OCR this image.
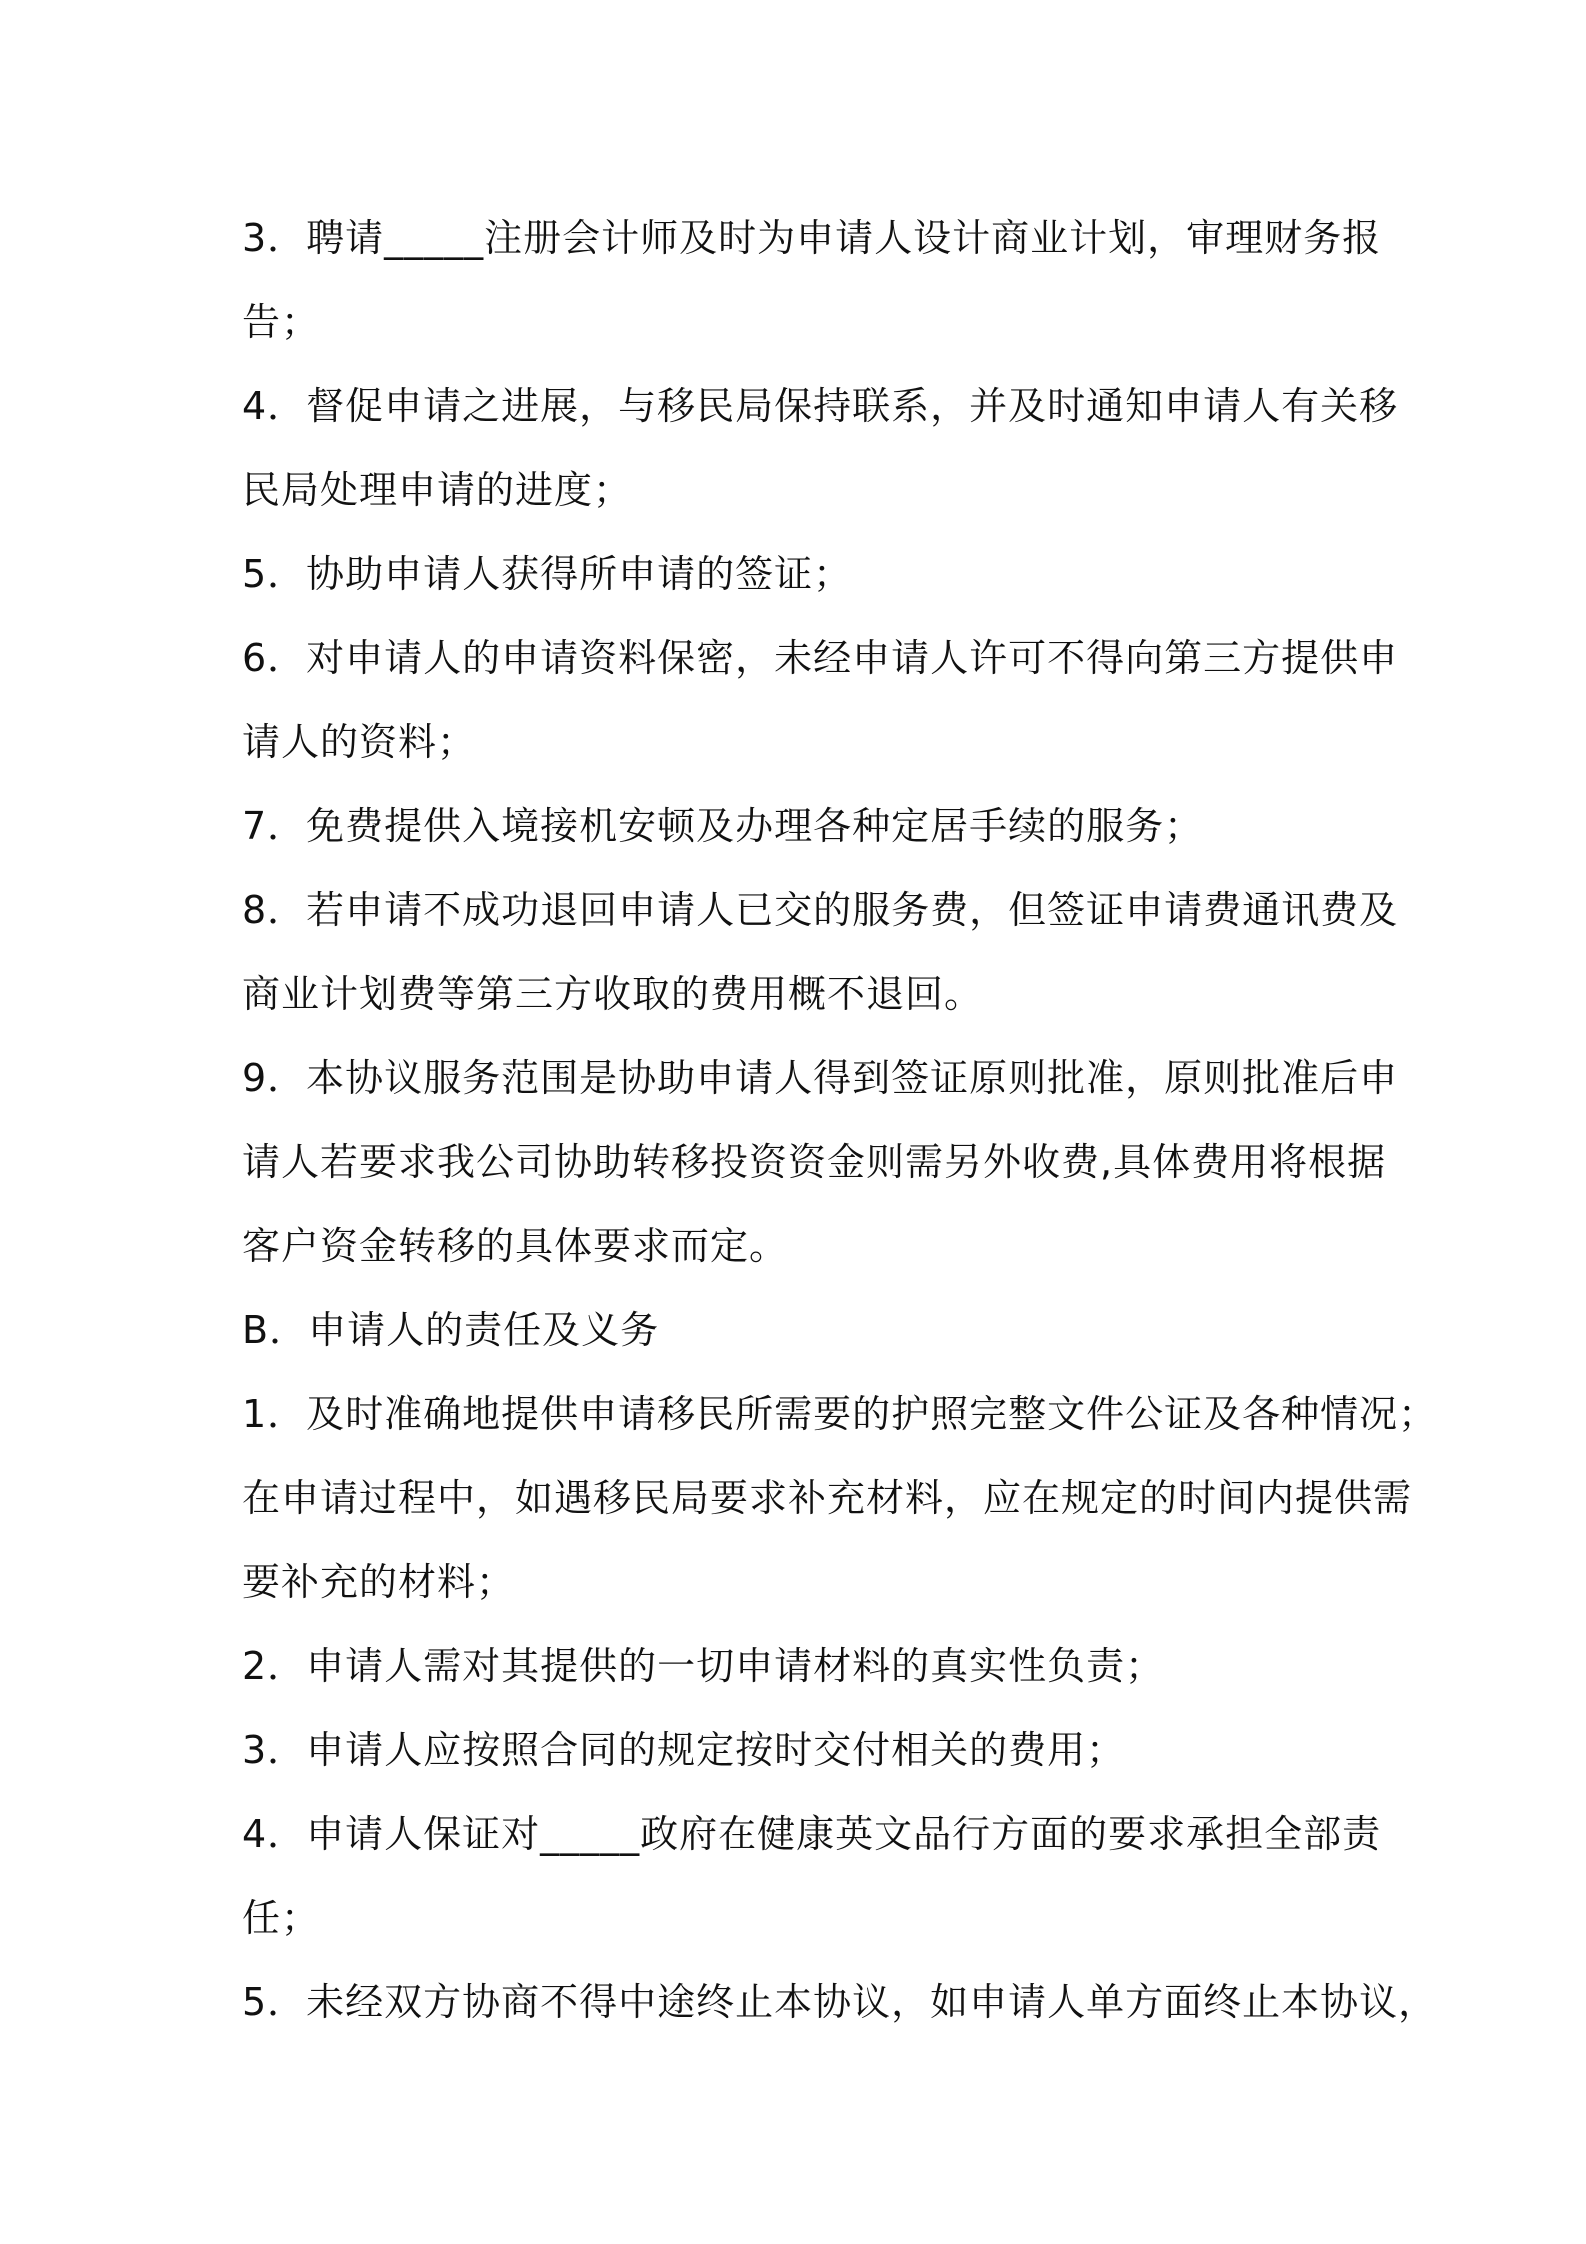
3．聘请_____注册会计师及时为申请人设计商业计划，审理财务报
告；
4．督促申请之进展，与移民局保持联系，并及时通知申请人有关移
民局处理申请的进度；
5．协助申请人获得所申请的签证；
6．对申请人的申请资料保密，未经申请人许可不得向第三方提供申
请人的资料；
7．免费提供入境接机安顿及办理各种定居手续的服务；
8．若申请不成功退回申请人已交的服务费，但签证申请费通讯费及
商业计划费等第三方收取的费用概不退回。
9．本协议服务范围是协助申请人得到签证原则批准，原则批准后申
请人若要求我公司协助转移投资资金则需另外收费,具体费用将根据
客户资金转移的具体要求而定。
B．申请人的责任及义务
1．及时准确地提供申请移民所需要的护照完整文件公证及各种情况；
在申请过程中，如遇移民局要求补充材料，应在规定的时间内提供需
要补充的材料；
2．申请人需对其提供的一切申请材料的真实性负责；
3．申请人应按照合同的规定按时交付相关的费用；
4．申请人保证对_____政府在健康英文品行方面的要求承担全部责
任；
5．未经双方协商不得中途终止本协议，如申请人单方面终止本协议，
